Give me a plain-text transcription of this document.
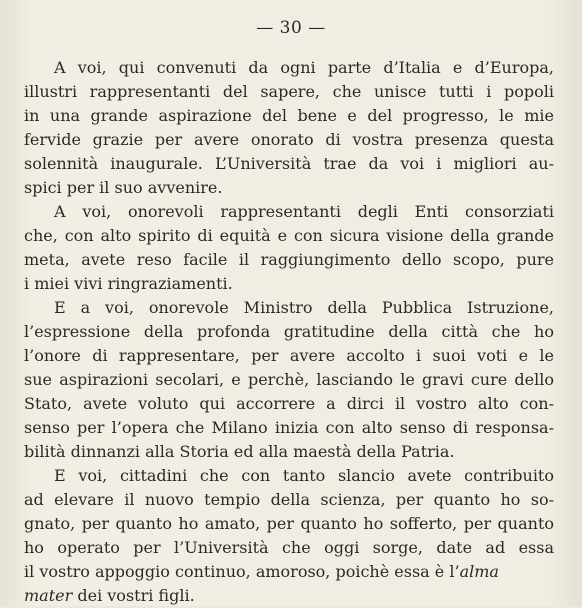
— 30 —
A voi, qui convenuti da ogni parte d’Italia e d’Europa,
illustri rappresentanti del sapere, che unisce tutti i popoli
in una grande aspirazione del bene e del progresso, le mie
fervide grazie per avere onorato di vostra presenza questa
solennità inaugurale. L’Università trae da voi i migliori au-
spici per il suo avvenire.
A voi, onorevoli rappresentanti degli Enti consorziati
che, con alto spirito di equità e con sicura visione della grande
meta, avete reso facile il raggiungimento dello scopo, pure
i miei vivi ringraziamenti.
E a voi, onorevole Ministro della Pubblica Istruzione,
l’espressione della profonda gratitudine della città che ho
l’onore di rappresentare, per avere accolto i suoi voti e le
sue aspirazioni secolari, e perchè, lasciando le gravi cure dello
Stato, avete voluto qui accorrere a dirci il vostro alto con-
senso per l’opera che Milano inizia con alto senso di responsa-
bilità dinnanzi alla Storia ed alla maestà della Patria.
E voi, cittadini che con tanto slancio avete contribuito
ad elevare il nuovo tempio della scienza, per quanto ho so-
gnato, per quanto ho amato, per quanto ho sofferto, per quanto
ho operato per l’Università che oggi sorge, date ad essa
il vostro appoggio continuo, amoroso, poichè essa è l’alma
mater dei vostri figli.
